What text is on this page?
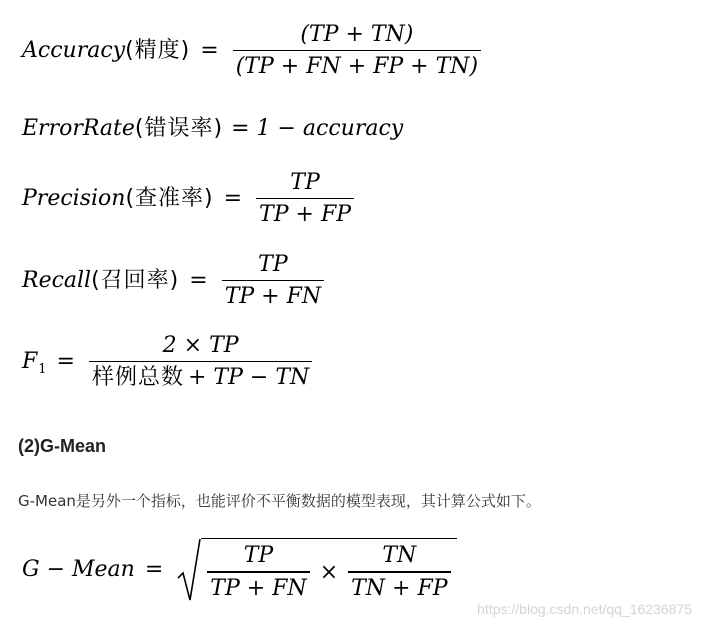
Accuracy (精度) = $\frac{(TP + TN)}{(TP + FN + FP + TN)}$
ErrorRate (错误率) = 1 − accuracy
Precision (查准率) = $\frac{TP}{TP + FP}$
Recall (召回率) = $\frac{TP}{TP + FN}$
$F_1 = \frac{2 \times TP}{\text{样例总数 + TP − TN}}$
(2)G-Mean
G-Mean是另外一个指标，也能评价不平衡数据的模型表现，其计算公式如下。
G − Mean = $\frac{TP}{TP + FN} \times \frac{TN}{TN + FP}$
https://blog.csdn.net/qq_16236875
